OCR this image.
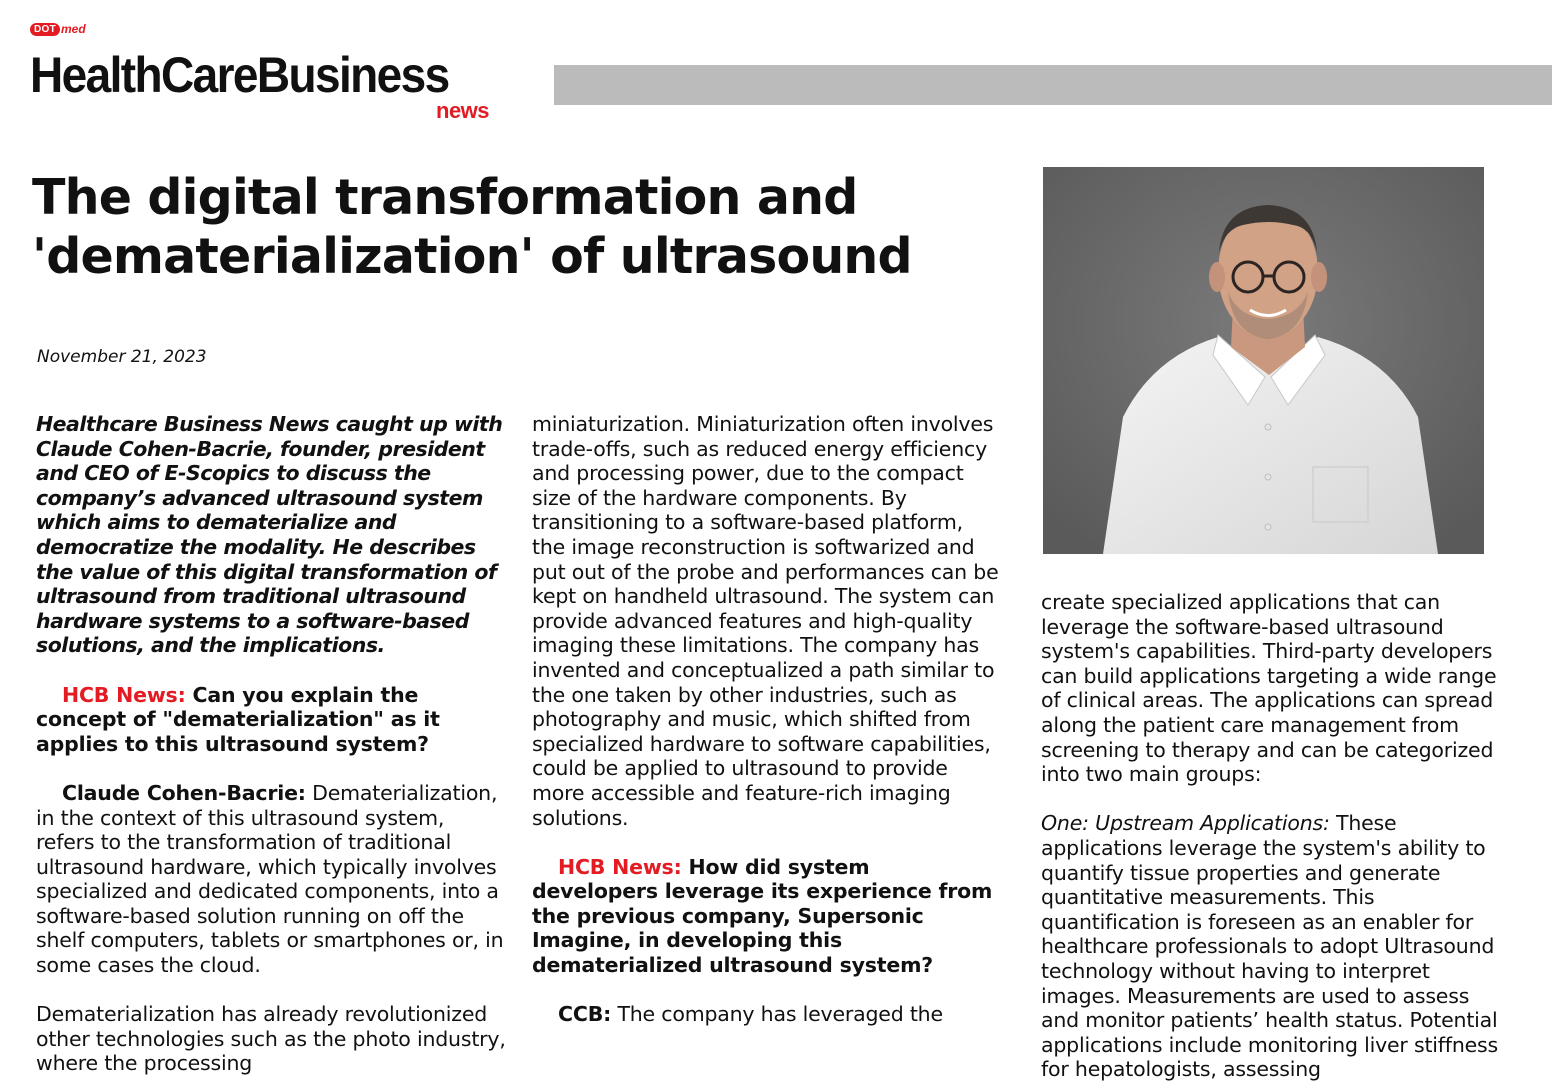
DOT med
HealthCareBusiness
news
The digital transformation and 'dematerialization' of ultrasound
November 21, 2023

Healthcare Business News caught up with Claude Cohen-Bacrie, founder, president and CEO of E-Scopics to discuss the company’s advanced ultrasound system which aims to dematerialize and democratize the modality. He describes the value of this digital transformation of ultrasound from traditional ultrasound hardware systems to a software-based solutions, and the implications.

HCB News: Can you explain the concept of "dematerialization" as it applies to this ultrasound system?

Claude Cohen-Bacrie: Dematerialization, in the context of this ultrasound system, refers to the transformation of traditional ultrasound hardware, which typically involves specialized and dedicated components, into a software-based solution running on off the shelf computers, tablets or smartphones or, in some cases the cloud.

Dematerialization has already revolutionized other technologies such as the photo industry, where the processing

miniaturization. Miniaturization often involves trade-offs, such as reduced energy efficiency and processing power, due to the compact size of the hardware components. By transitioning to a software-based platform, the image reconstruction is softwarized and put out of the probe and performances can be kept on handheld ultrasound. The system can provide advanced features and high-quality imaging these limitations. The company has invented and conceptualized a path similar to the one taken by other industries, such as photography and music, which shifted from specialized hardware to software capabilities, could be applied to ultrasound to provide more accessible and feature-rich imaging solutions.

HCB News: How did system developers leverage its experience from the previous company, Supersonic Imagine, in developing this dematerialized ultrasound system?

CCB: The company has leveraged the

create specialized applications that can leverage the software-based ultrasound system's capabilities. Third-party developers can build applications targeting a wide range of clinical areas. The applications can spread along the patient care management from screening to therapy and can be categorized into two main groups:

One: Upstream Applications: These applications leverage the system's ability to quantify tissue properties and generate quantitative measurements. This quantification is foreseen as an enabler for healthcare professionals to adopt Ultrasound technology without having to interpret images. Measurements are used to assess and monitor patients’ health status. Potential applications include monitoring liver stiffness for hepatologists, assessing
